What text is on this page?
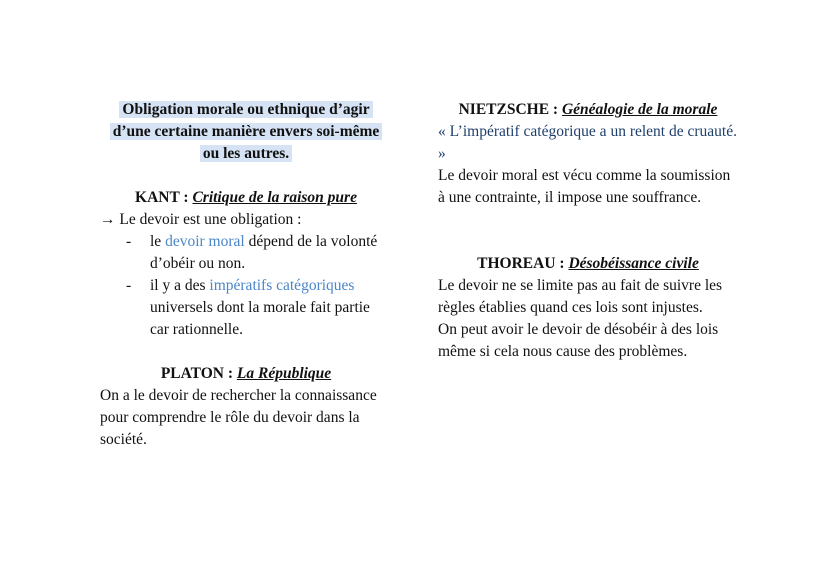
Obligation morale ou ethnique d’agir
d’une certaine manière envers soi-même
ou les autres.

KANT : Critique de la raison pure

→ Le devoir est une obligation :

- le devoir moral dépend de la volonté d’obéir ou non.
- il y a des impératifs catégoriques universels dont la morale fait partie car rationnelle.

PLATON : La République

On a le devoir de rechercher la connaissance pour comprendre le rôle du devoir dans la société.

NIETZSCHE : Généalogie de la morale

« L’impératif catégorique a un relent de cruauté. »

Le devoir moral est vécu comme la soumission à une contrainte, il impose une souffrance.

THOREAU : Désobéissance civile

Le devoir ne se limite pas au fait de suivre les règles établies quand ces lois sont injustes.

On peut avoir le devoir de désobéir à des lois même si cela nous cause des problèmes.
